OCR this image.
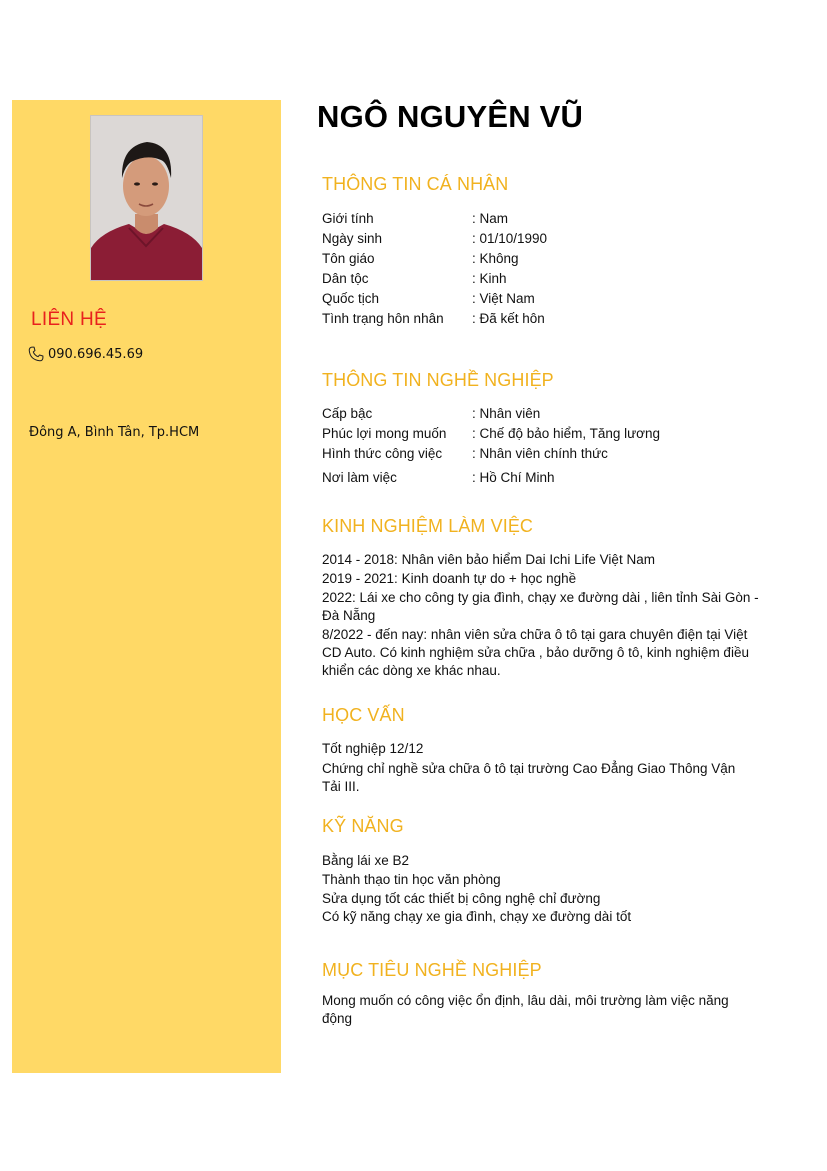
LIÊN HỆ
090.696.45.69
Đông A, Bình Tân, Tp.HCM
NGÔ NGUYÊN VŨ
THÔNG TIN CÁ NHÂN
Giới tính	: Nam
Ngày sinh	: 01/10/1990
Tôn giáo	: Không
Dân tộc	: Kinh
Quốc tịch	: Việt Nam
Tình trạng hôn nhân : Đã kết hôn
THÔNG TIN NGHỀ NGHIỆP
Cấp bậc	: Nhân viên
Phúc lợi mong muốn : Chế độ bảo hiểm, Tăng lương
Hình thức công việc : Nhân viên chính thức
Nơi làm việc	: Hồ Chí Minh
KINH NGHIỆM LÀM VIỆC
2014 - 2018: Nhân viên bảo hiểm Dai Ichi Life Việt Nam
2019 - 2021: Kinh doanh tự do + học nghề
2022: Lái xe cho công ty gia đình, chạy xe đường dài , liên tỉnh Sài Gòn - Đà Nẵng
8/2022 - đến nay: nhân viên sửa chữa ô tô tại gara chuyên điện tại Việt CD Auto. Có kinh nghiệm sửa chữa , bảo dưỡng ô tô, kinh nghiệm điều khiển các dòng xe khác nhau.
HỌC VẤN
Tốt nghiệp 12/12
Chứng chỉ nghề sửa chữa ô tô tại trường Cao Đẳng Giao Thông Vận Tải III.
KỸ NĂNG
Bằng lái xe B2
Thành thạo tin học văn phòng
Sửa dụng tốt các thiết bị công nghệ chỉ đường
Có kỹ năng chạy xe gia đình, chạy xe đường dài tốt
MỤC TIÊU NGHỀ NGHIỆP
Mong muốn có công việc ổn định, lâu dài, môi trường làm việc năng động
